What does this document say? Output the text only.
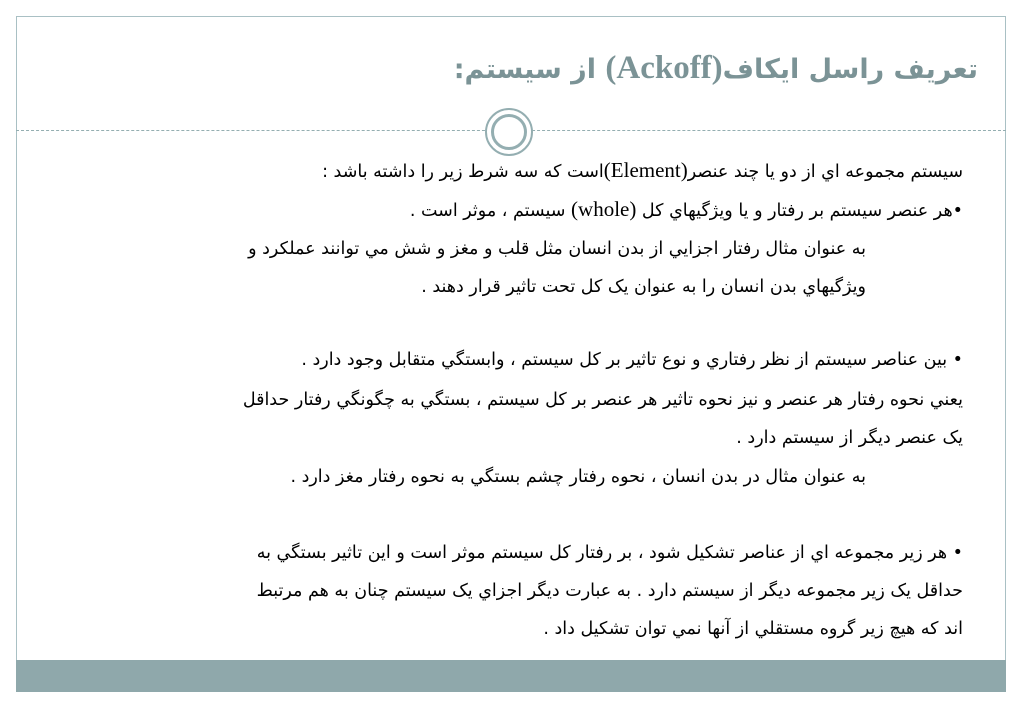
تعريف راسل ايكاف(Ackoff) از سيستم:
سيستم مجموعه اي از دو يا چند عنصر(Element)است كه سه شرط زير را داشته باشد :
•هر عنصر سيستم بر رفتار و يا ويژگيهاي كل (whole) سيستم ، موثر است .
به عنوان مثال رفتار اجزايي از بدن انسان مثل قلب و مغز و شش مي توانند عملكرد و
ويژگيهاي بدن انسان را به عنوان يک كل تحت تاثير قرار دهند .
• بين عناصر سيستم از نظر رفتاري و نوع تاثير بر كل سيستم ، وابستگي متقابل وجود دارد .
يعني نحوه رفتار هر عنصر و نيز نحوه تاثير هر عنصر بر كل سيستم ، بستگي به چگونگي رفتار حداقل
يک عنصر ديگر از سيستم دارد .
به عنوان مثال در بدن انسان ، نحوه رفتار چشم بستگي به نحوه رفتار مغز دارد .
• هر زير مجموعه اي از عناصر تشكيل شود ، بر رفتار كل سيستم موثر است و اين تاثير بستگي به
حداقل يک زير مجموعه ديگر از سيستم دارد . به عبارت ديگر اجزاي يک سيستم چنان به هم مرتبط
اند كه هيچ زير گروه مستقلي از آنها نمي توان تشكيل داد .
